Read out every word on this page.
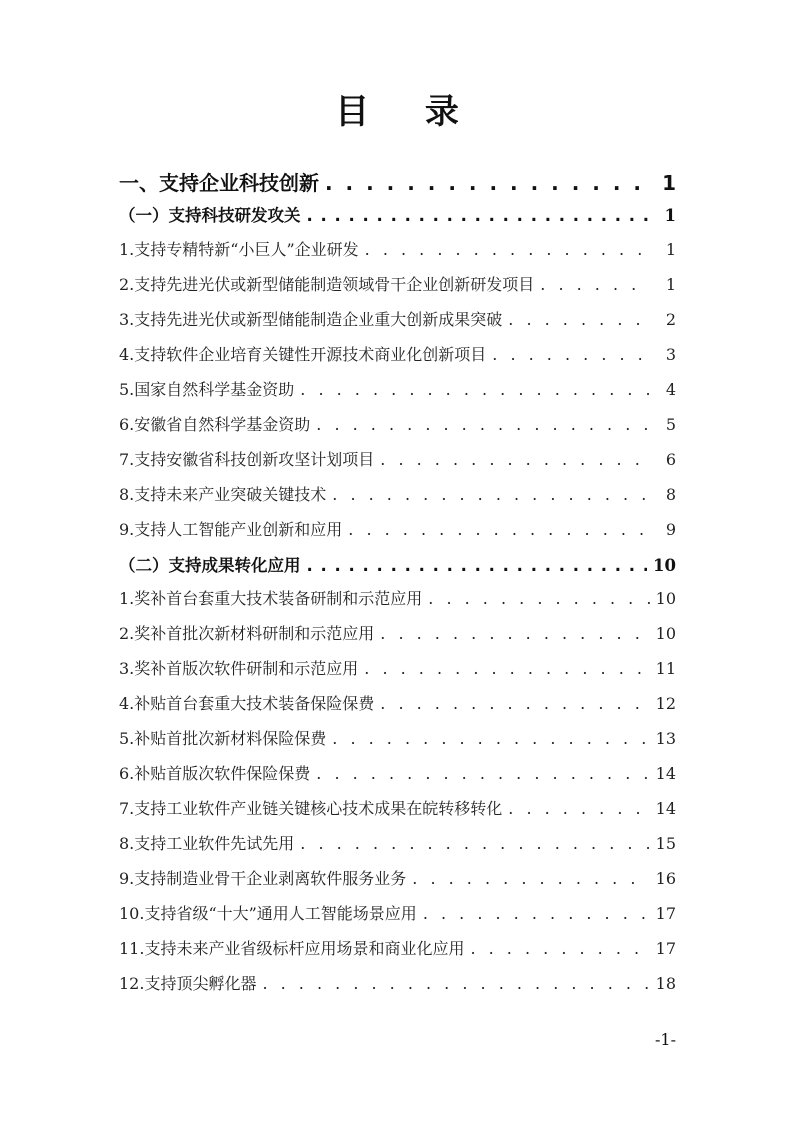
目 录
一、支持企业科技创新 . . .	1
（一）支持科技研发攻关 . . .	1
1.支持专精特新“小巨人”企业研发 . . .	1
2.支持先进光伏或新型储能制造领域骨干企业创新研发项目 . . .	1
3.支持先进光伏或新型储能制造企业重大创新成果突破 . . .	2
4.支持软件企业培育关键性开源技术商业化创新项目 . . .	3
5.国家自然科学基金资助 . . .	4
6.安徽省自然科学基金资助 . . .	5
7.支持安徽省科技创新攻坚计划项目 . . .	6
8.支持未来产业突破关键技术 . . .	8
9.支持人工智能产业创新和应用 . . .	9
（二）支持成果转化应用 . . .	10
1.奖补首台套重大技术装备研制和示范应用 . . .	10
2.奖补首批次新材料研制和示范应用 . . .	10
3.奖补首版次软件研制和示范应用 . . .	11
4.补贴首台套重大技术装备保险保费 . . .	12
5.补贴首批次新材料保险保费 . . .	13
6.补贴首版次软件保险保费 . . .	14
7.支持工业软件产业链关键核心技术成果在皖转移转化 . . .	14
8.支持工业软件先试先用 . . .	15
9.支持制造业骨干企业剥离软件服务业务 . . .	16
10.支持省级“十大”通用人工智能场景应用 . . .	17
11.支持未来产业省级标杆应用场景和商业化应用 . . .	17
12.支持顶尖孵化器 . . .	18
-1-
